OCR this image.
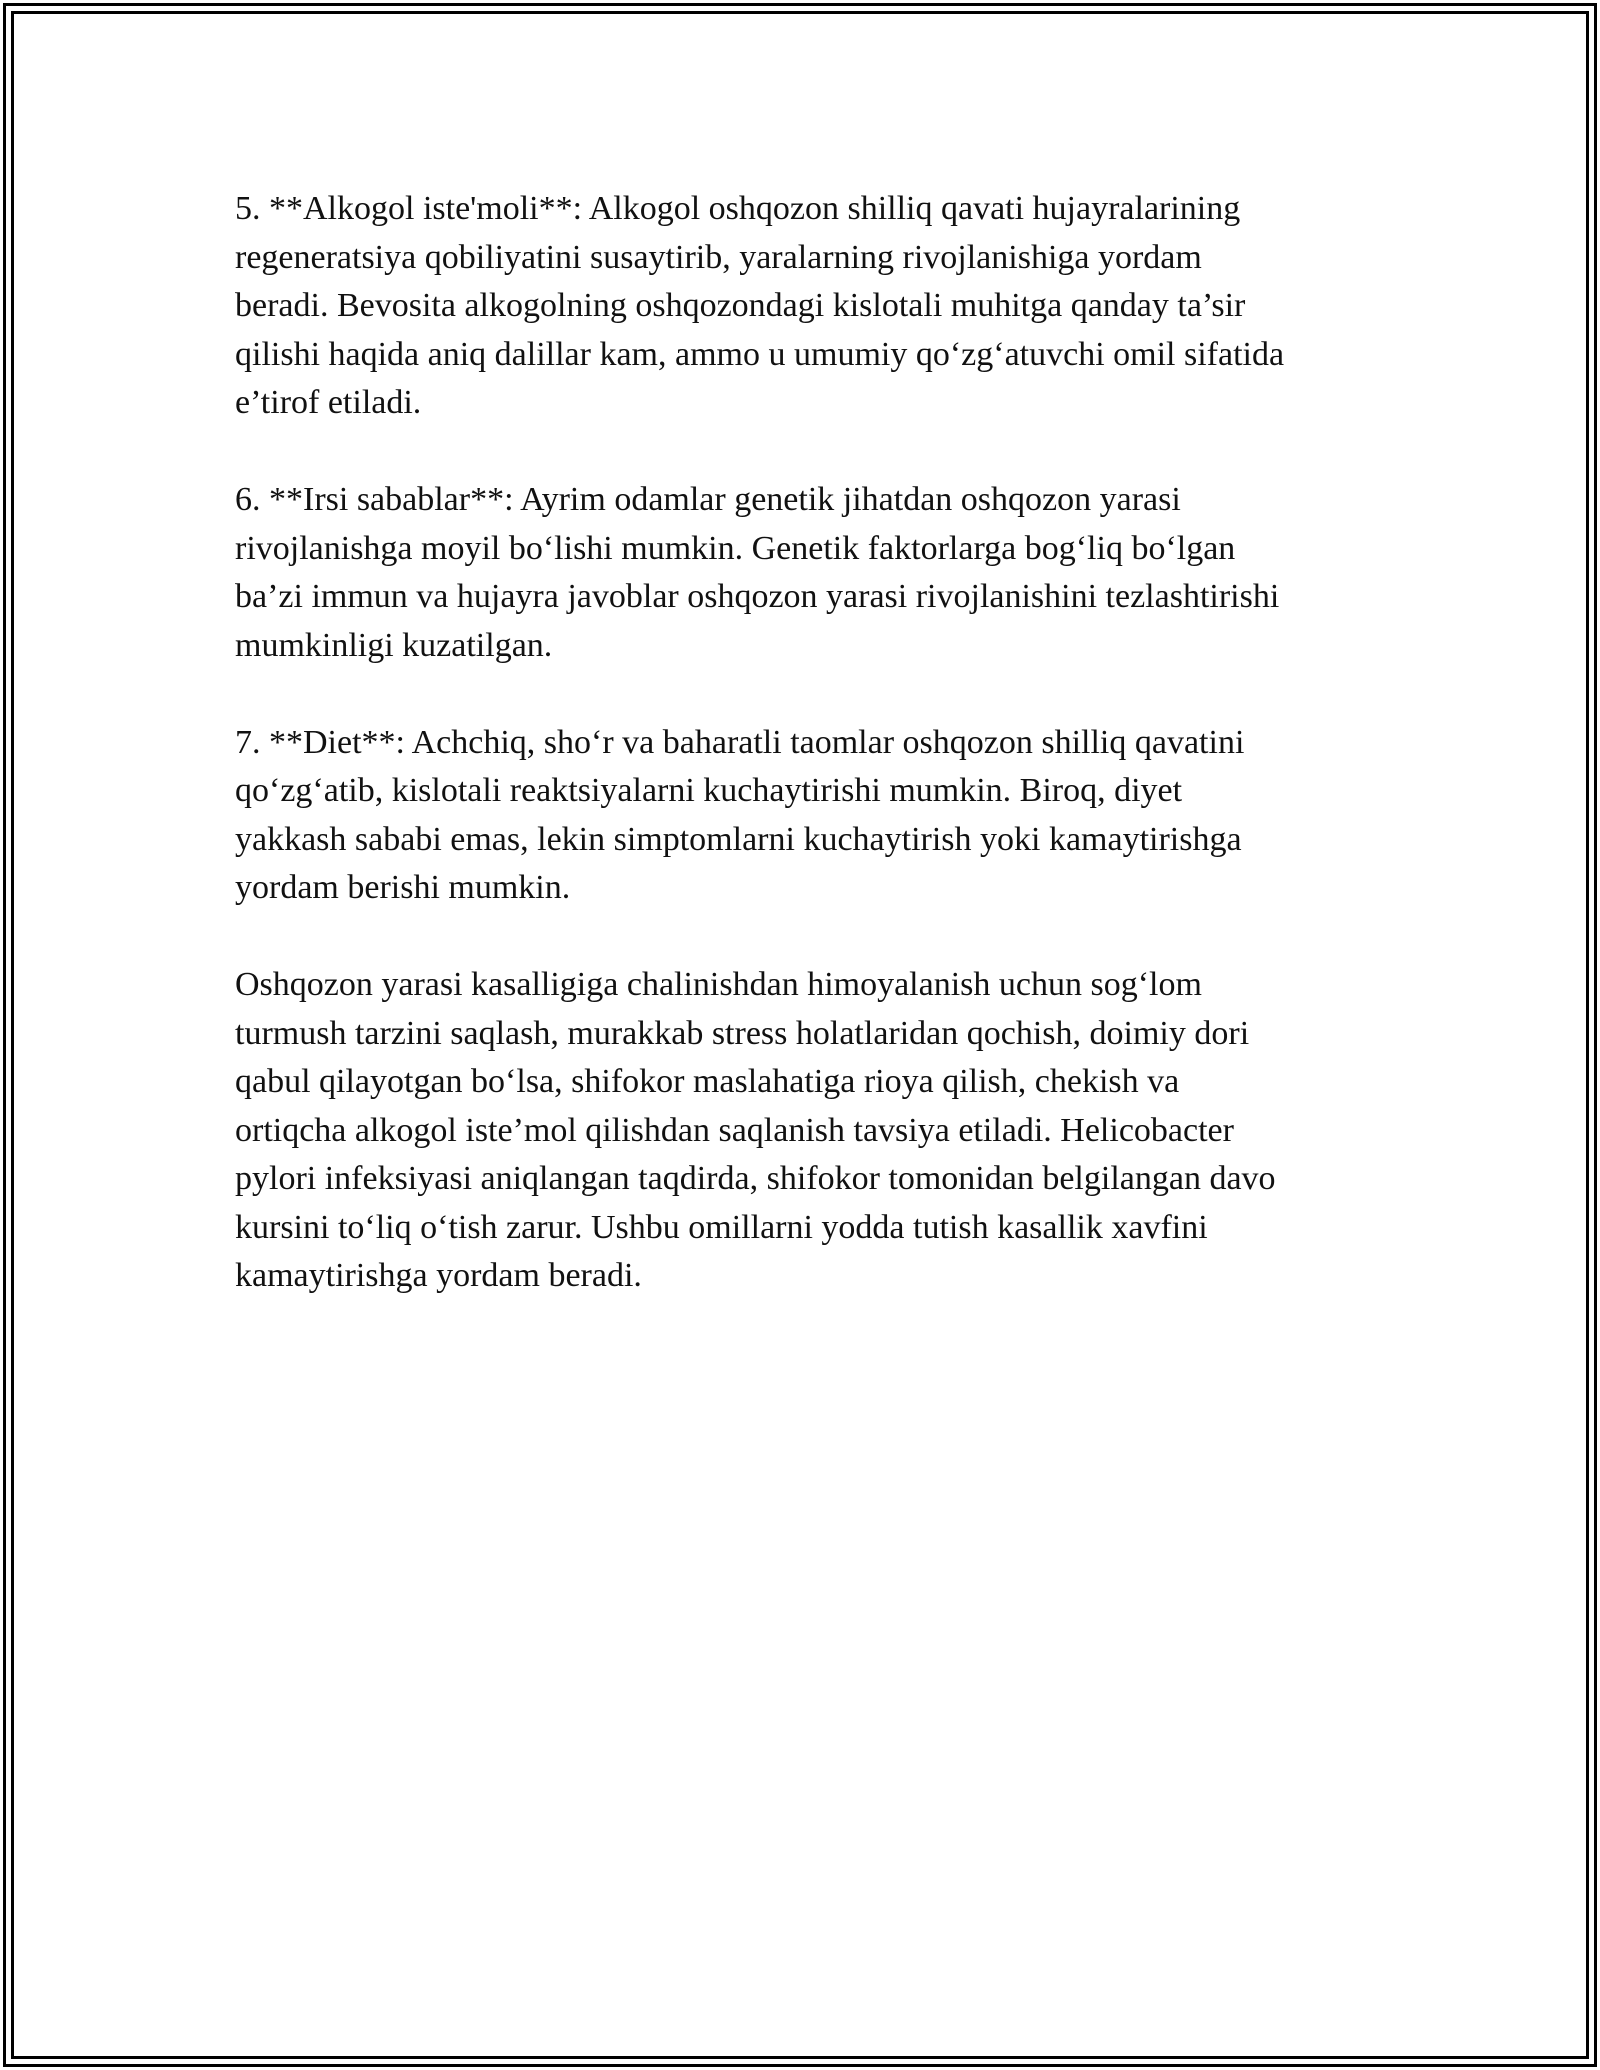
5. **Alkogol iste'moli**: Alkogol oshqozon shilliq qavati hujayralarining
regeneratsiya qobiliyatini susaytirib, yaralarning rivojlanishiga yordam
beradi. Bevosita alkogolning oshqozondagi kislotali muhitga qanday ta’sir
qilishi haqida aniq dalillar kam, ammo u umumiy qo‘zg‘atuvchi omil sifatida
e’tirof etiladi.

6. **Irsi sabablar**: Ayrim odamlar genetik jihatdan oshqozon yarasi
rivojlanishga moyil bo‘lishi mumkin. Genetik faktorlarga bog‘liq bo‘lgan
ba’zi immun va hujayra javoblar oshqozon yarasi rivojlanishini tezlashtirishi
mumkinligi kuzatilgan.

7. **Diet**: Achchiq, sho‘r va baharatli taomlar oshqozon shilliq qavatini
qo‘zg‘atib, kislotali reaktsiyalarni kuchaytirishi mumkin. Biroq, diyet
yakkash sababi emas, lekin simptomlarni kuchaytirish yoki kamaytirishga
yordam berishi mumkin.

Oshqozon yarasi kasalligiga chalinishdan himoyalanish uchun sog‘lom
turmush tarzini saqlash, murakkab stress holatlaridan qochish, doimiy dori
qabul qilayotgan bo‘lsa, shifokor maslahatiga rioya qilish, chekish va
ortiqcha alkogol iste’mol qilishdan saqlanish tavsiya etiladi. Helicobacter
pylori infeksiyasi aniqlangan taqdirda, shifokor tomonidan belgilangan davo
kursini to‘liq o‘tish zarur. Ushbu omillarni yodda tutish kasallik xavfini
kamaytirishga yordam beradi.
